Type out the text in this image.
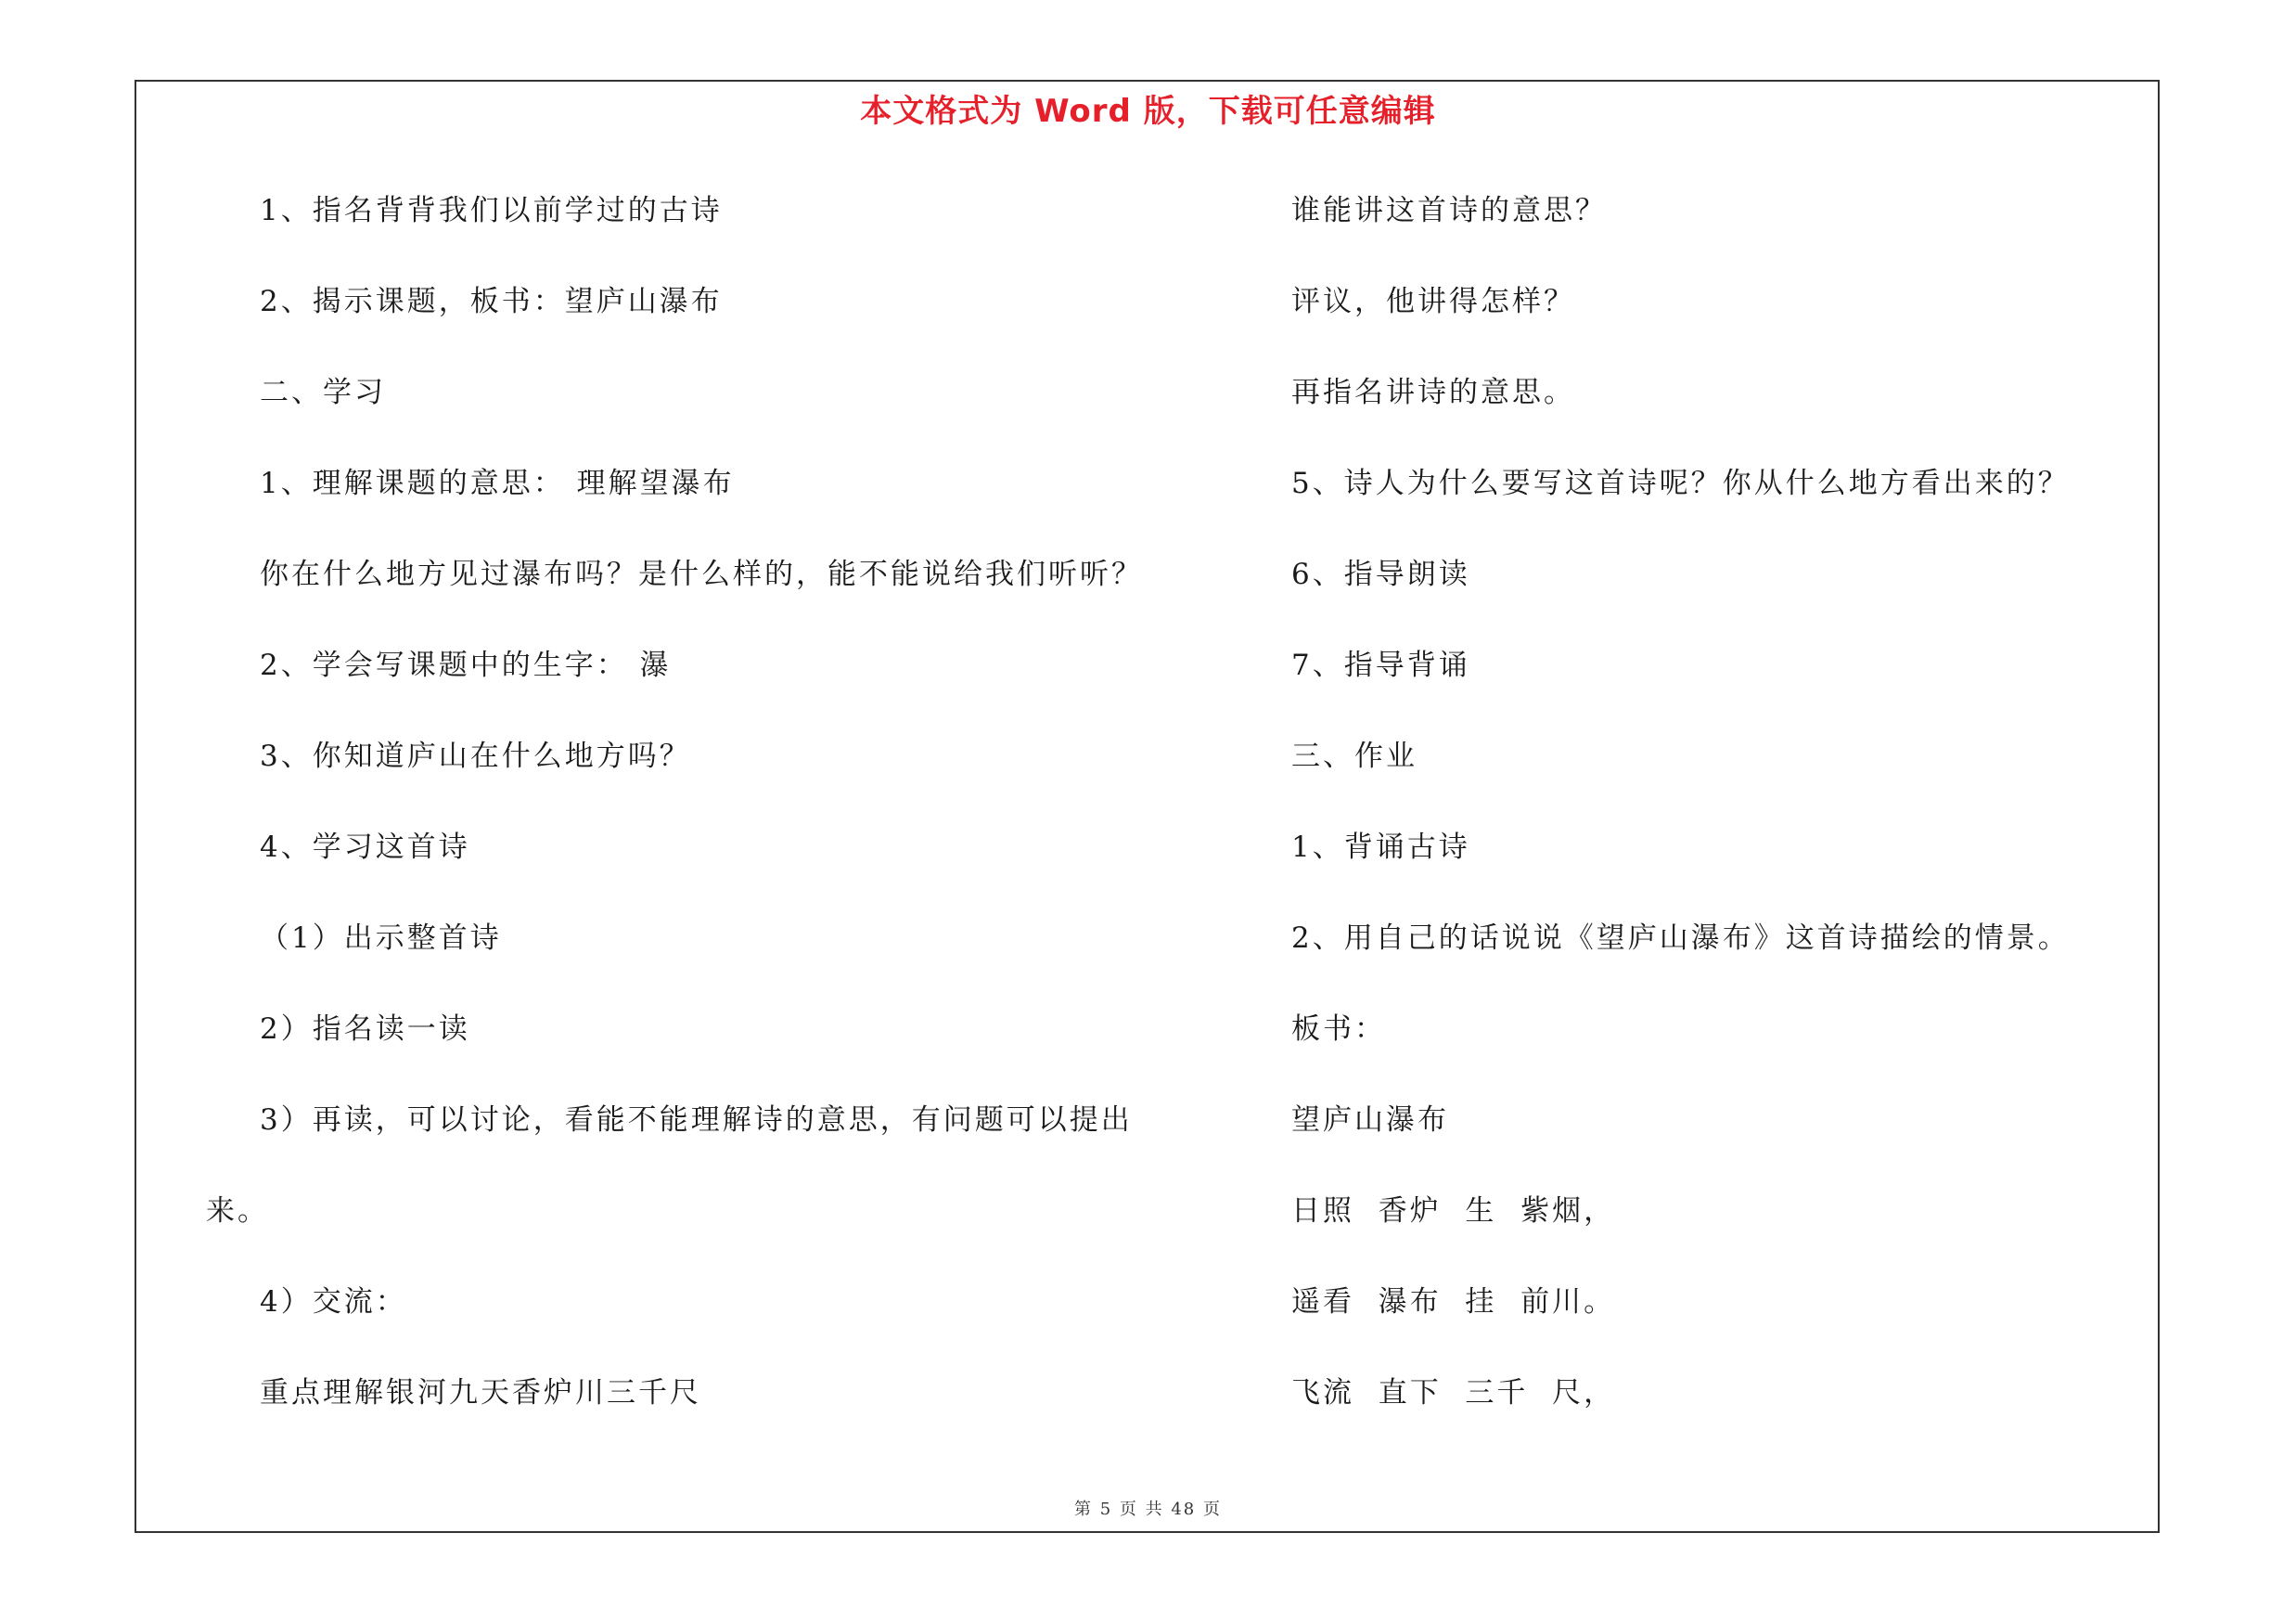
本文格式为 Word 版，下载可任意编辑
1、指名背背我们以前学过的古诗
2、揭示课题，板书：望庐山瀑布
二、学习
1、理解课题的意思： 理解望瀑布
你在什么地方见过瀑布吗？是什么样的，能不能说给我们听听？
2、学会写课题中的生字： 瀑
3、你知道庐山在什么地方吗？
4、学习这首诗
（1）出示整首诗
2）指名读一读
3）再读，可以讨论，看能不能理解诗的意思，有问题可以提出
来。
4）交流：
重点理解银河九天香炉川三千尺
谁能讲这首诗的意思？
评议，他讲得怎样？
再指名讲诗的意思。
5、诗人为什么要写这首诗呢？你从什么地方看出来的？
6、指导朗读
7、指导背诵
三、作业
1、背诵古诗
2、用自己的话说说《望庐山瀑布》这首诗描绘的情景。
板书：
望庐山瀑布
日照  香炉  生  紫烟，
遥看  瀑布  挂  前川。
飞流  直下  三千  尺，
第 5 页 共 48 页
